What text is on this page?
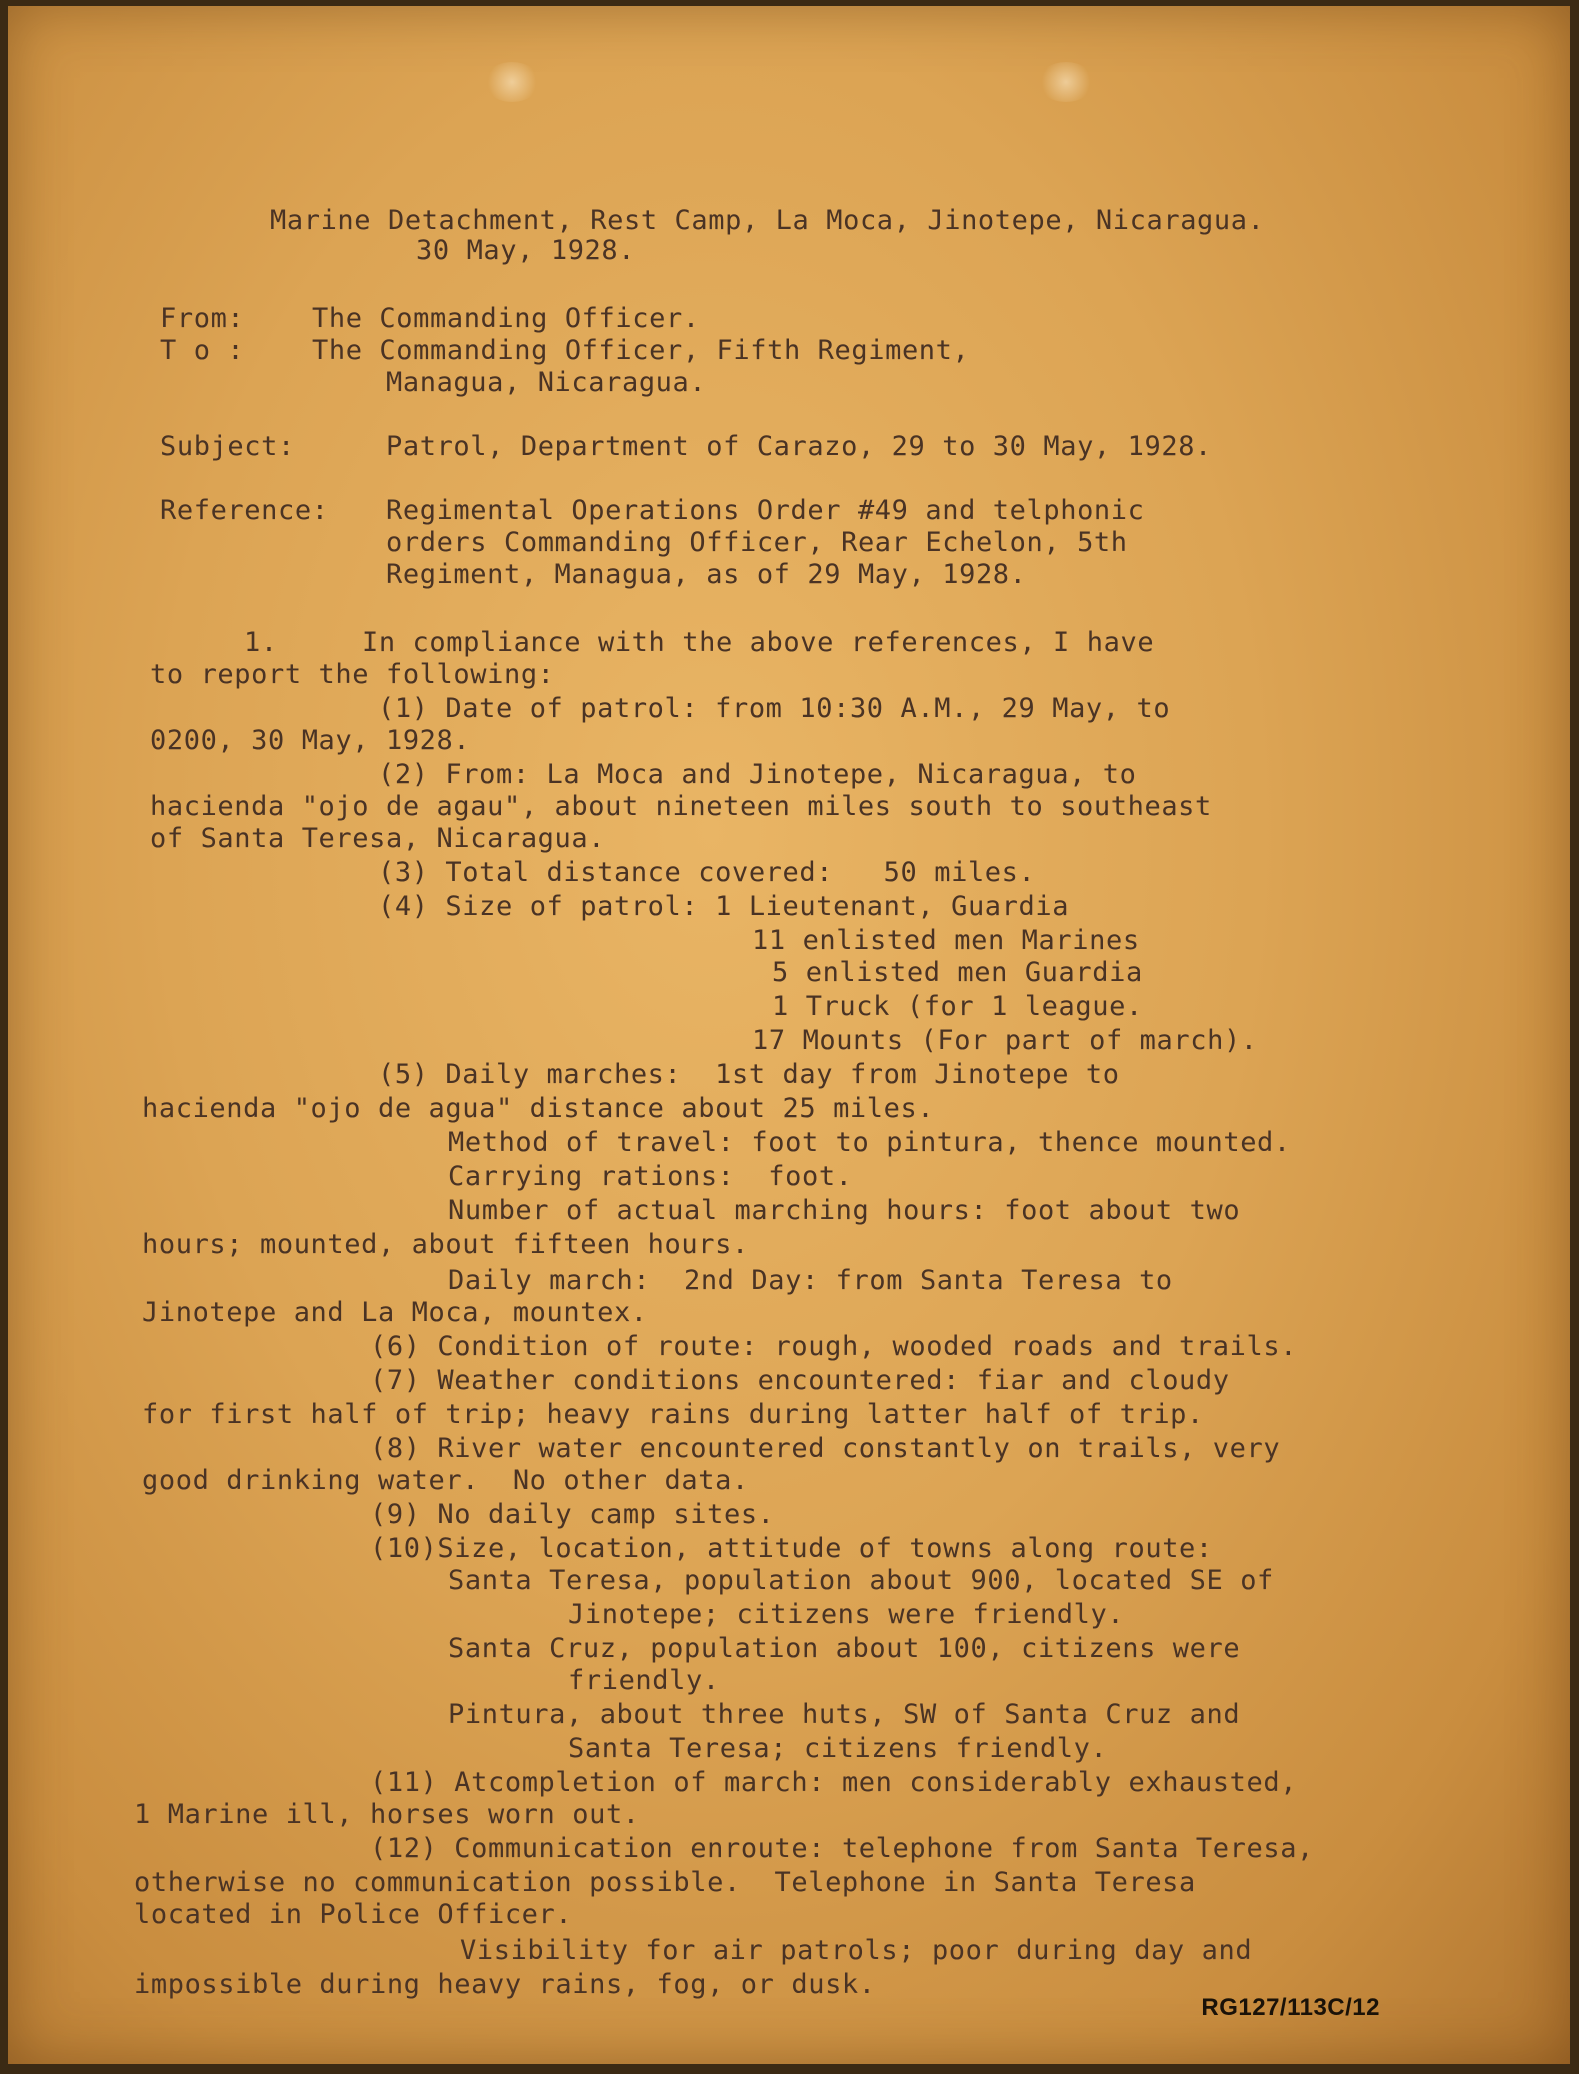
Marine Detachment, Rest Camp, La Moca, Jinotepe, Nicaragua.
30 May, 1928.
From:	The Commanding Officer.
T o :	The Commanding Officer, Fifth Regiment,
Managua, Nicaragua.
Subject:	Patrol, Department of Carazo, 29 to 30 May, 1928.
Reference: Regimental Operations Order #49 and telphonic
orders Commanding Officer, Rear Echelon, 5th
Regiment, Managua, as of 29 May, 1928.
1.     In compliance with the above references, I have
to report the following:
(1) Date of patrol: from 10:30 A.M., 29 May, to
0200, 30 May, 1928.
(2) From: La Moca and Jinotepe, Nicaragua, to
hacienda "ojo de agau", about nineteen miles south to southeast
of Santa Teresa, Nicaragua.
(3) Total distance covered:   50 miles.
(4) Size of patrol: 1 Lieutenant, Guardia
11 enlisted men Marines
5 enlisted men Guardia
1 Truck (for 1 league.
17 Mounts (For part of march).
(5) Daily marches:  1st day from Jinotepe to
hacienda "ojo de agua" distance about 25 miles.
Method of travel: foot to pintura, thence mounted.
Carrying rations:  foot.
Number of actual marching hours: foot about two
hours; mounted, about fifteen hours.
Daily march:  2nd Day: from Santa Teresa to
Jinotepe and La Moca, mountex.
(6) Condition of route: rough, wooded roads and trails.
(7) Weather conditions encountered: fiar and cloudy
for first half of trip; heavy rains during latter half of trip.
(8) River water encountered constantly on trails, very
good drinking water.  No other data.
(9) No daily camp sites.
(10)Size, location, attitude of towns along route:
Santa Teresa, population about 900, located SE of
Jinotepe; citizens were friendly.
Santa Cruz, population about 100, citizens were
friendly.
Pintura, about three huts, SW of Santa Cruz and
Santa Teresa; citizens friendly.
(11) Atcompletion of march: men considerably exhausted,
1 Marine ill, horses worn out.
(12) Communication enroute: telephone from Santa Teresa,
otherwise no communication possible.  Telephone in Santa Teresa
located in Police Officer.
Visibility for air patrols; poor during day and
impossible during heavy rains, fog, or dusk.
RG127/113C/12
